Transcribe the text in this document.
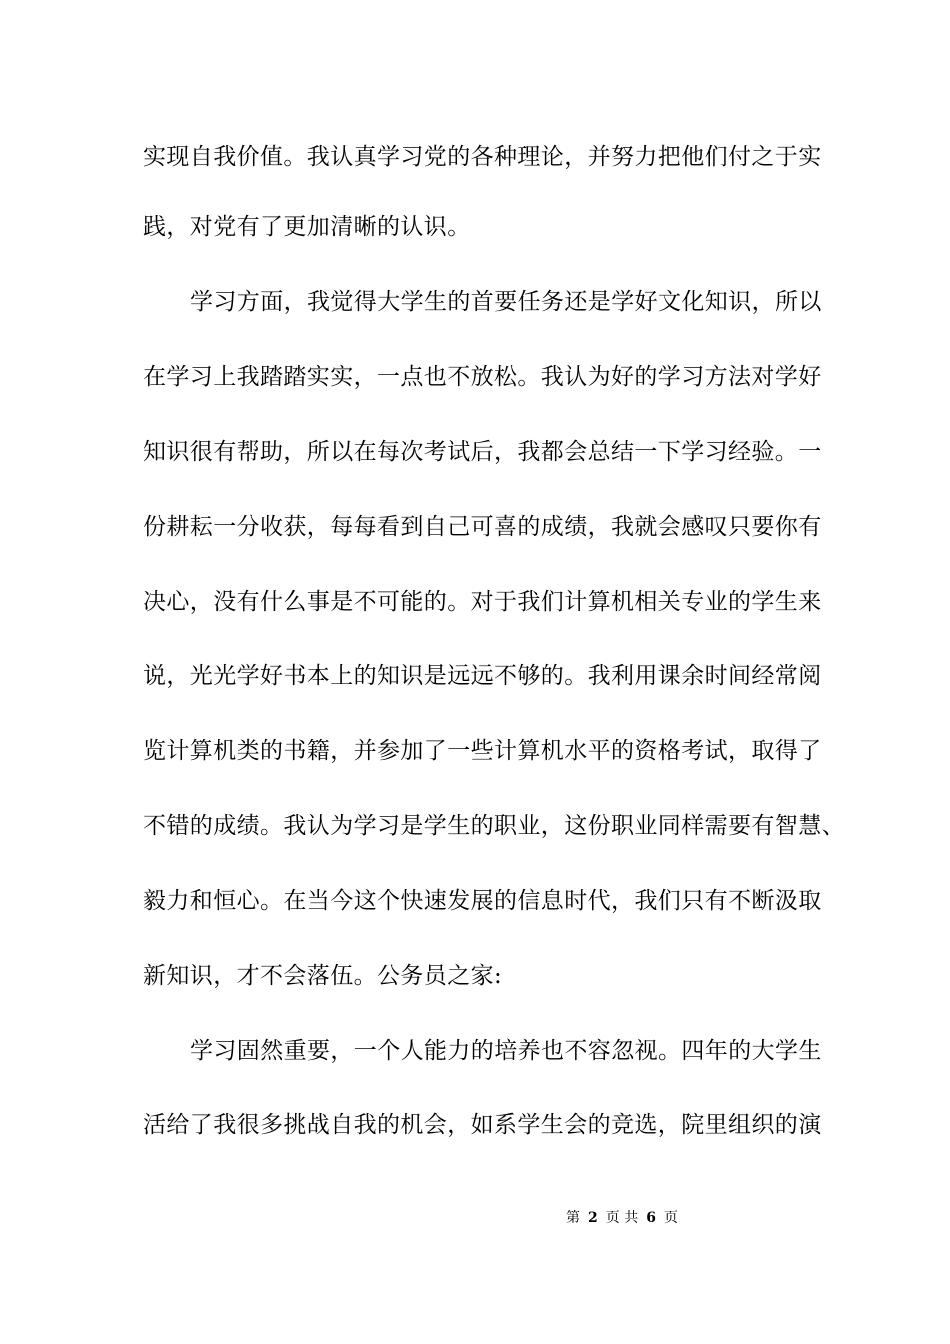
实现自我价值。我认真学习党的各种理论，并努力把他们付之于实
践，对党有了更加清晰的认识。
学习方面，我觉得大学生的首要任务还是学好文化知识，所以
在学习上我踏踏实实，一点也不放松。我认为好的学习方法对学好
知识很有帮助，所以在每次考试后，我都会总结一下学习经验。一
份耕耘一分收获，每每看到自己可喜的成绩，我就会感叹只要你有
决心，没有什么事是不可能的。对于我们计算机相关专业的学生来
说，光光学好书本上的知识是远远不够的。我利用课余时间经常阅
览计算机类的书籍，并参加了一些计算机水平的资格考试，取得了
不错的成绩。我认为学习是学生的职业，这份职业同样需要有智慧、
毅力和恒心。在当今这个快速发展的信息时代，我们只有不断汲取
新知识，才不会落伍。公务员之家:
学习固然重要，一个人能力的培养也不容忽视。四年的大学生
活给了我很多挑战自我的机会，如系学生会的竞选，院里组织的演
第 2 页 共 6 页
